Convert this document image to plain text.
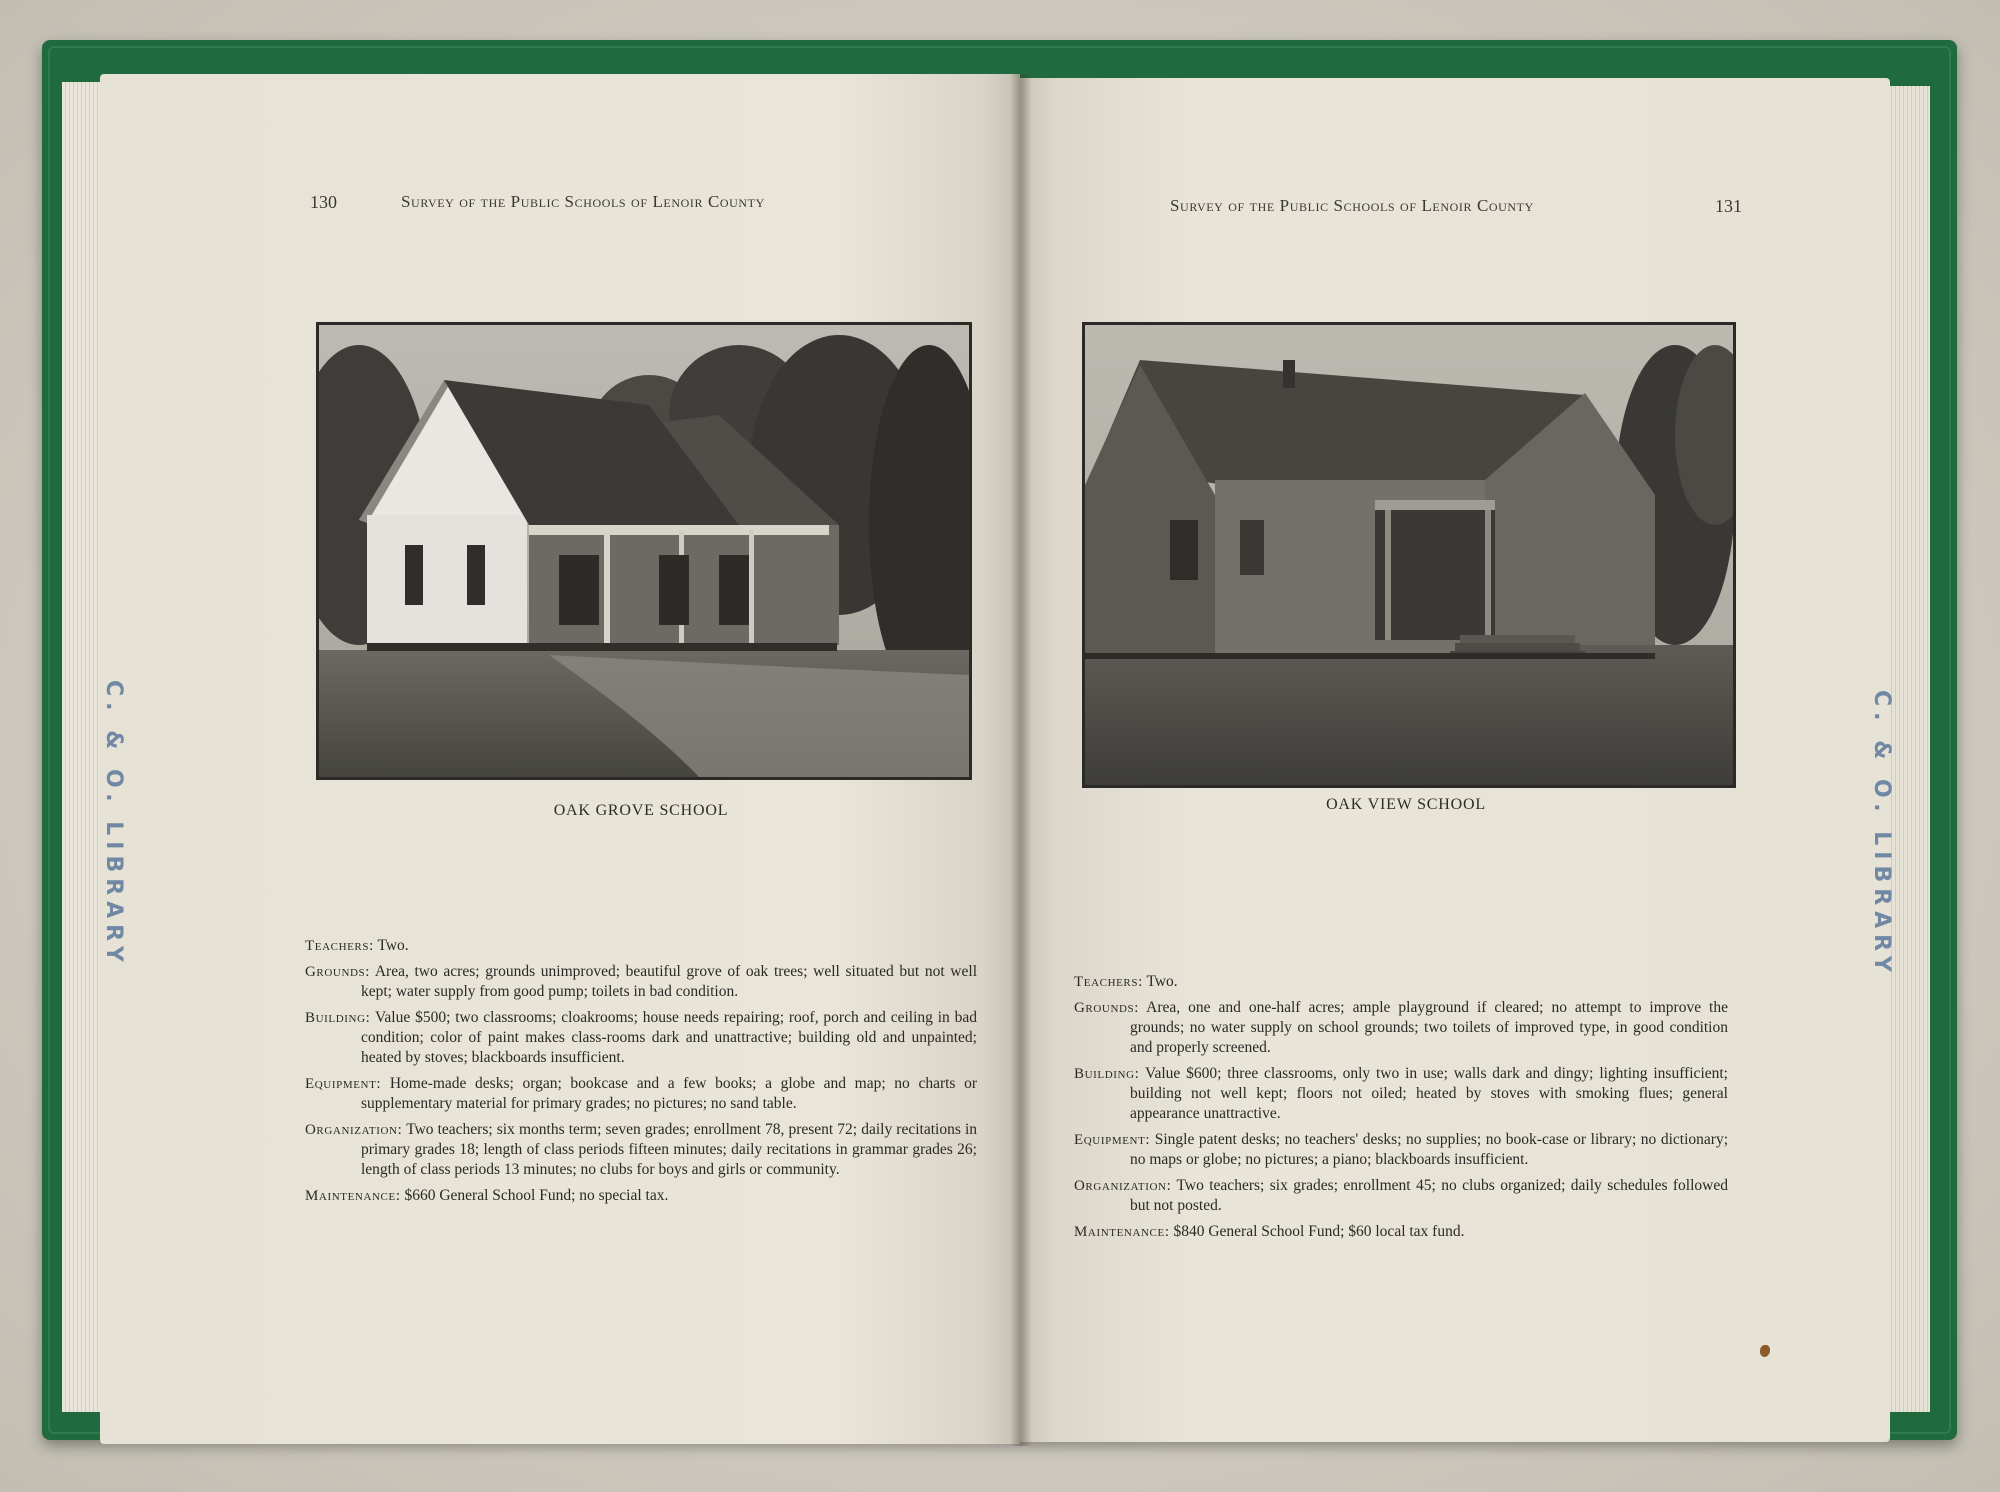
130	Survey of the Public Schools of Lenoir County
OAK GROVE SCHOOL

Teachers: Two.

Grounds: Area, two acres; grounds unimproved; beautiful grove of oak trees; well situated but not well kept; water supply from good pump; toilets in bad condition.

Building: Value $500; two classrooms; cloakrooms; house needs repairing; roof, porch and ceiling in bad condition; color of paint makes class-rooms dark and unattractive; building old and unpainted; heated by stoves; blackboards insufficient.

Equipment: Home-made desks; organ; bookcase and a few books; a globe and map; no charts or supplementary material for primary grades; no pictures; no sand table.

Organization: Two teachers; six months term; seven grades; enrollment 78, present 72; daily recitations in primary grades 18; length of class periods fifteen minutes; daily recitations in grammar grades 26; length of class periods 13 minutes; no clubs for boys and girls or community.

Maintenance: $660 General School Fund; no special tax.

Survey of the Public Schools of Lenoir County	131
OAK VIEW SCHOOL

Teachers: Two.

Grounds: Area, one and one-half acres; ample playground if cleared; no attempt to improve the grounds; no water supply on school grounds; two toilets of improved type, in good condition and properly screened.

Building: Value $600; three classrooms, only two in use; walls dark and dingy; lighting insufficient; building not well kept; floors not oiled; heated by stoves with smoking flues; general appearance unattractive.

Equipment: Single patent desks; no teachers' desks; no supplies; no book-case or library; no dictionary; no maps or globe; no pictures; a piano; blackboards insufficient.

Organization: Two teachers; six grades; enrollment 45; no clubs organized; daily schedules followed but not posted.

Maintenance: $840 General School Fund; $60 local tax fund.

C. & O. LIBRARY	C. & O. LIBRARY
